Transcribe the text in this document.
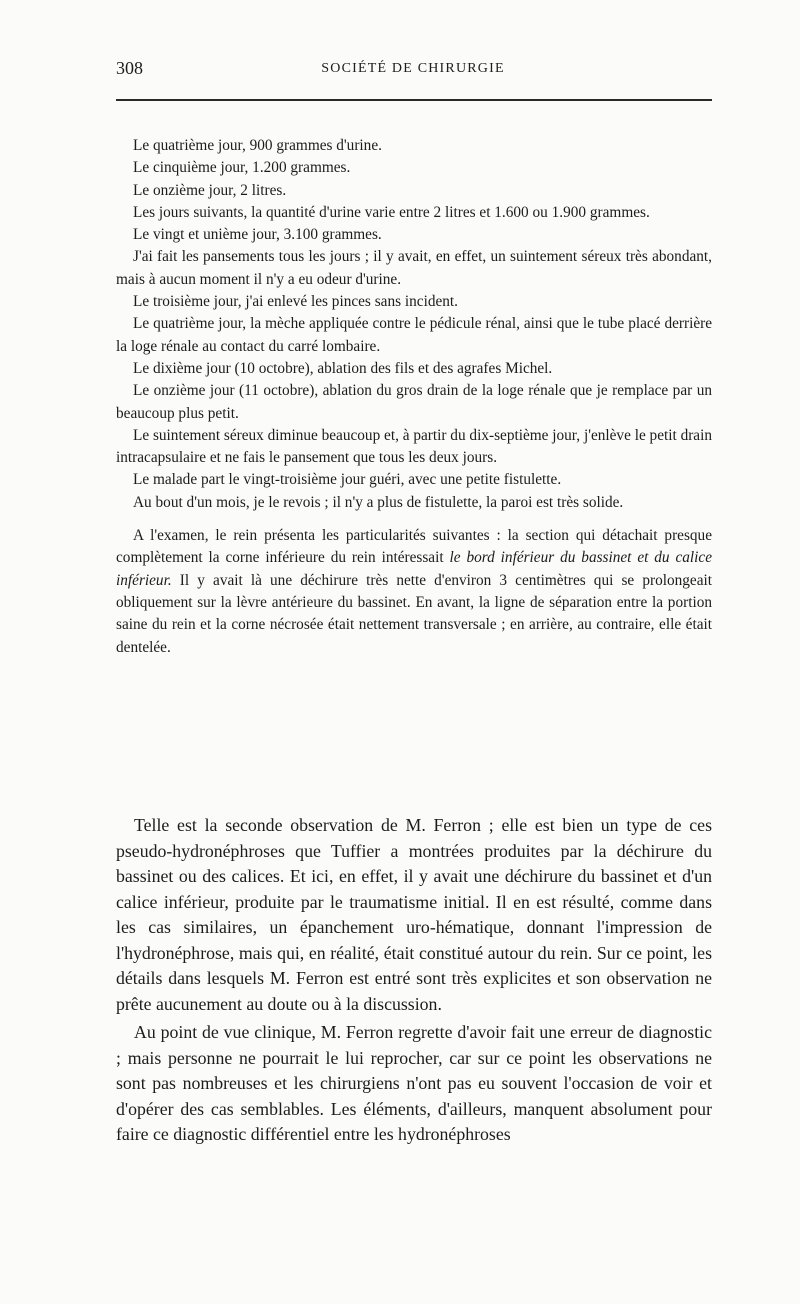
308	SOCIÉTÉ DE CHIRURGIE

Le quatrième jour, 900 grammes d'urine.

Le cinquième jour, 1.200 grammes.

Le onzième jour, 2 litres.

Les jours suivants, la quantité d'urine varie entre 2 litres et 1.600 ou 1.900 grammes.

Le vingt et unième jour, 3.100 grammes.

J'ai fait les pansements tous les jours ; il y avait, en effet, un suintement séreux très abondant, mais à aucun moment il n'y a eu odeur d'urine.

Le troisième jour, j'ai enlevé les pinces sans incident.

Le quatrième jour, la mèche appliquée contre le pédicule rénal, ainsi que le tube placé derrière la loge rénale au contact du carré lombaire.

Le dixième jour (10 octobre), ablation des fils et des agrafes Michel.

Le onzième jour (11 octobre), ablation du gros drain de la loge rénale que je remplace par un beaucoup plus petit.

Le suintement séreux diminue beaucoup et, à partir du dix-septième jour, j'enlève le petit drain intracapsulaire et ne fais le pansement que tous les deux jours.

Le malade part le vingt-troisième jour guéri, avec une petite fistulette.

Au bout d'un mois, je le revois ; il n'y a plus de fistulette, la paroi est très solide.

A l'examen, le rein présenta les particularités suivantes : la section qui détachait presque complètement la corne inférieure du rein intéressait le bord inférieur du bassinet et du calice inférieur. Il y avait là une déchirure très nette d'environ 3 centimètres qui se prolongeait obliquement sur la lèvre antérieure du bassinet. En avant, la ligne de séparation entre la portion saine du rein et la corne nécrosée était nettement transversale ; en arrière, au contraire, elle était dentelée.

Telle est la seconde observation de M. Ferron ; elle est bien un type de ces pseudo-hydronéphroses que Tuffier a montrées produites par la déchirure du bassinet ou des calices. Et ici, en effet, il y avait une déchirure du bassinet et d'un calice inférieur, produite par le traumatisme initial. Il en est résulté, comme dans les cas similaires, un épanchement uro-hématique, donnant l'impression de l'hydronéphrose, mais qui, en réalité, était constitué autour du rein. Sur ce point, les détails dans lesquels M. Ferron est entré sont très explicites et son observation ne prête aucunement au doute ou à la discussion.

Au point de vue clinique, M. Ferron regrette d'avoir fait une erreur de diagnostic ; mais personne ne pourrait le lui reprocher, car sur ce point les observations ne sont pas nombreuses et les chirurgiens n'ont pas eu souvent l'occasion de voir et d'opérer des cas semblables. Les éléments, d'ailleurs, manquent absolument pour faire ce diagnostic différentiel entre les hydronéphroses
